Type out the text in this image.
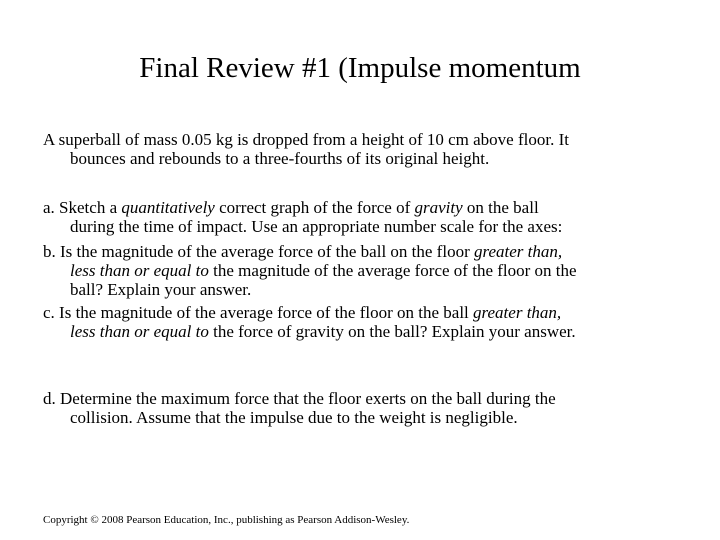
Final Review #1 (Impulse momentum
A superball of mass 0.05 kg is dropped from a height of 10 cm above floor. It
bounces and rebounds to a three-fourths of its original height.
a. Sketch a quantitatively correct graph of the force of gravity on the ball
during the time of impact. Use an appropriate number scale for the axes:
b. Is the magnitude of the average force of the ball on the floor greater than,
less than or equal to the magnitude of the average force of the floor on the
ball? Explain your answer.
c. Is the magnitude of the average force of the floor on the ball greater than,
less than or equal to the force of gravity on the ball? Explain your answer.
d. Determine the maximum force that the floor exerts on the ball during the
collision. Assume that the impulse due to the weight is negligible.
Copyright © 2008 Pearson Education, Inc., publishing as Pearson Addison-Wesley.
